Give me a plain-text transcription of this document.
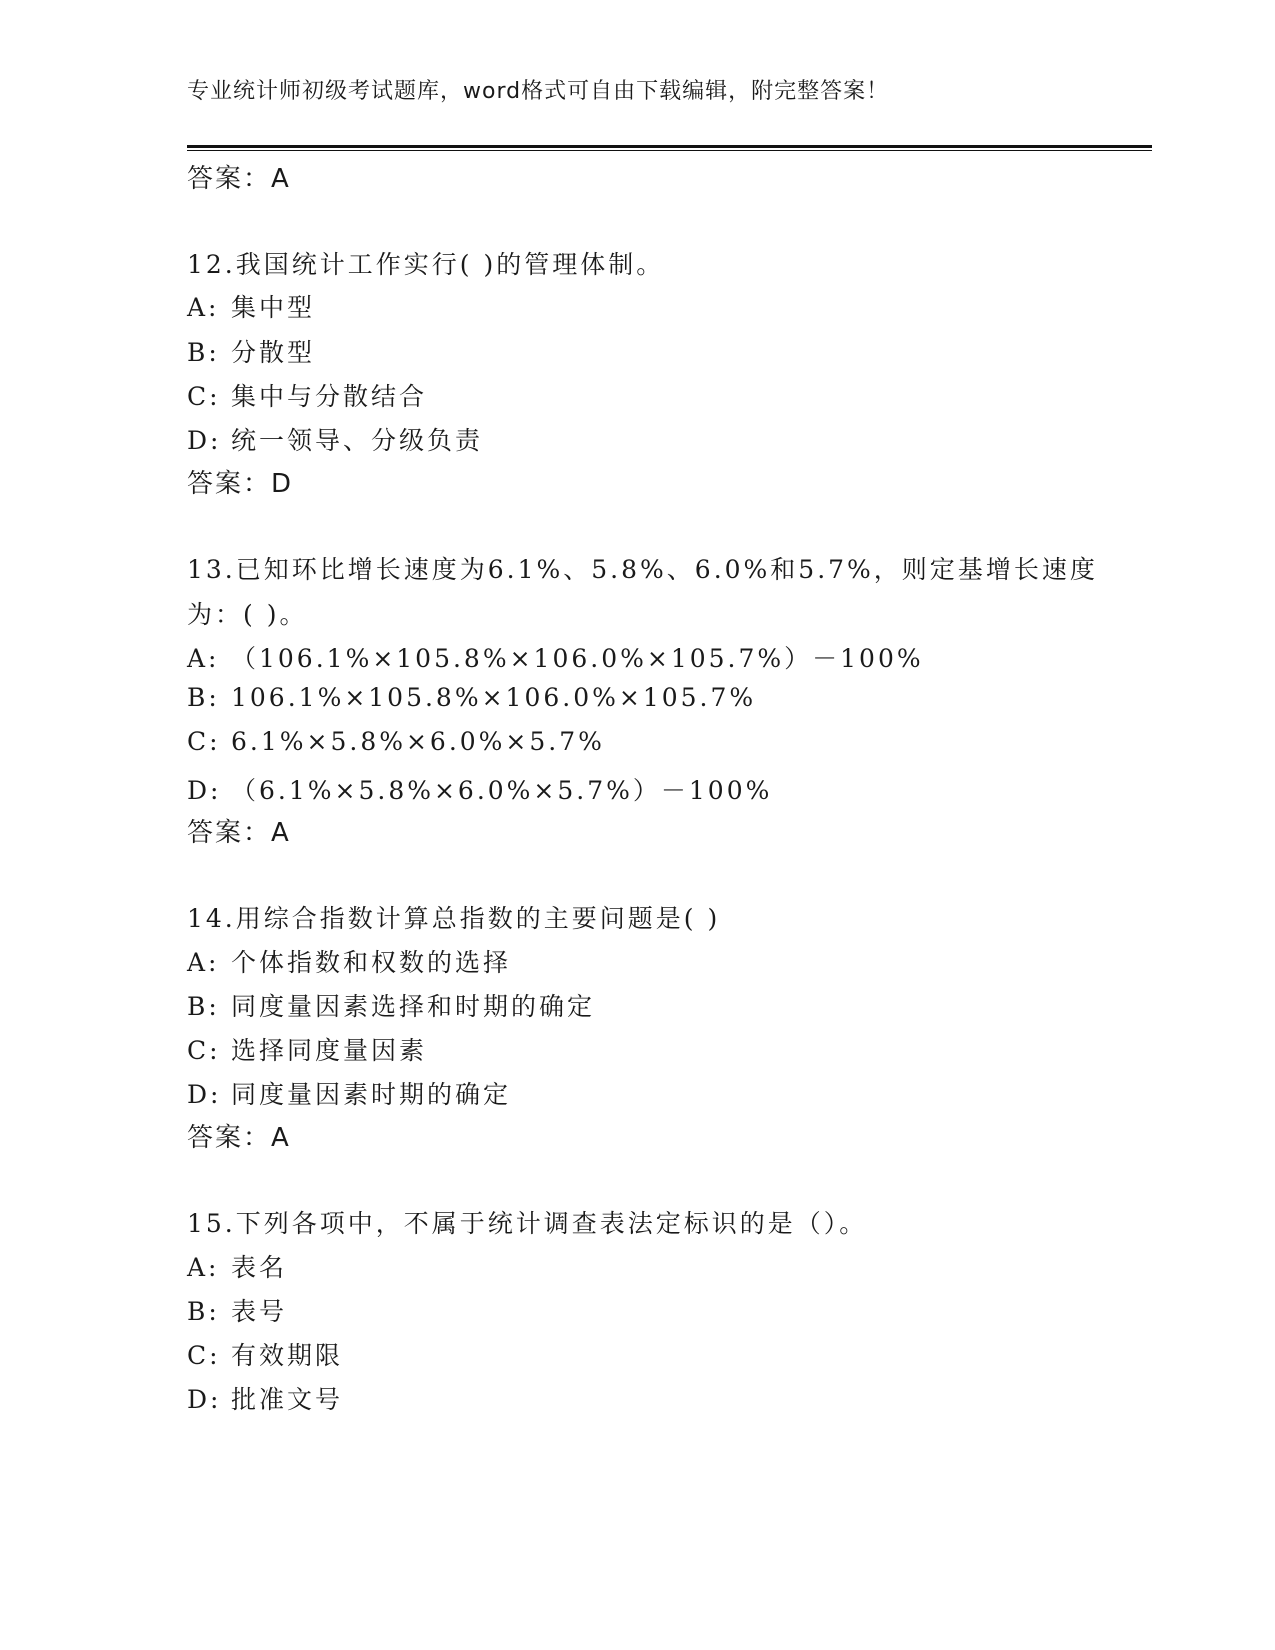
专业统计师初级考试题库，word格式可自由下载编辑，附完整答案！
答案：A
12.我国统计工作实行( )的管理体制。
A: 集中型
B: 分散型
C: 集中与分散结合
D: 统一领导、分级负责
答案：D
13.已知环比增长速度为6.1%、5.8%、6.0%和5.7%，则定基增长速度
为：( )。
A: （106.1%×105.8%×106.0%×105.7%）－100%
B: 106.1%×105.8%×106.0%×105.7%
C: 6.1%×5.8%×6.0%×5.7%
D: （6.1%×5.8%×6.0%×5.7%）－100%
答案：A
14.用综合指数计算总指数的主要问题是( )
A: 个体指数和权数的选择
B: 同度量因素选择和时期的确定
C: 选择同度量因素
D: 同度量因素时期的确定
答案：A
15.下列各项中，不属于统计调查表法定标识的是（）。
A: 表名
B: 表号
C: 有效期限
D: 批准文号
